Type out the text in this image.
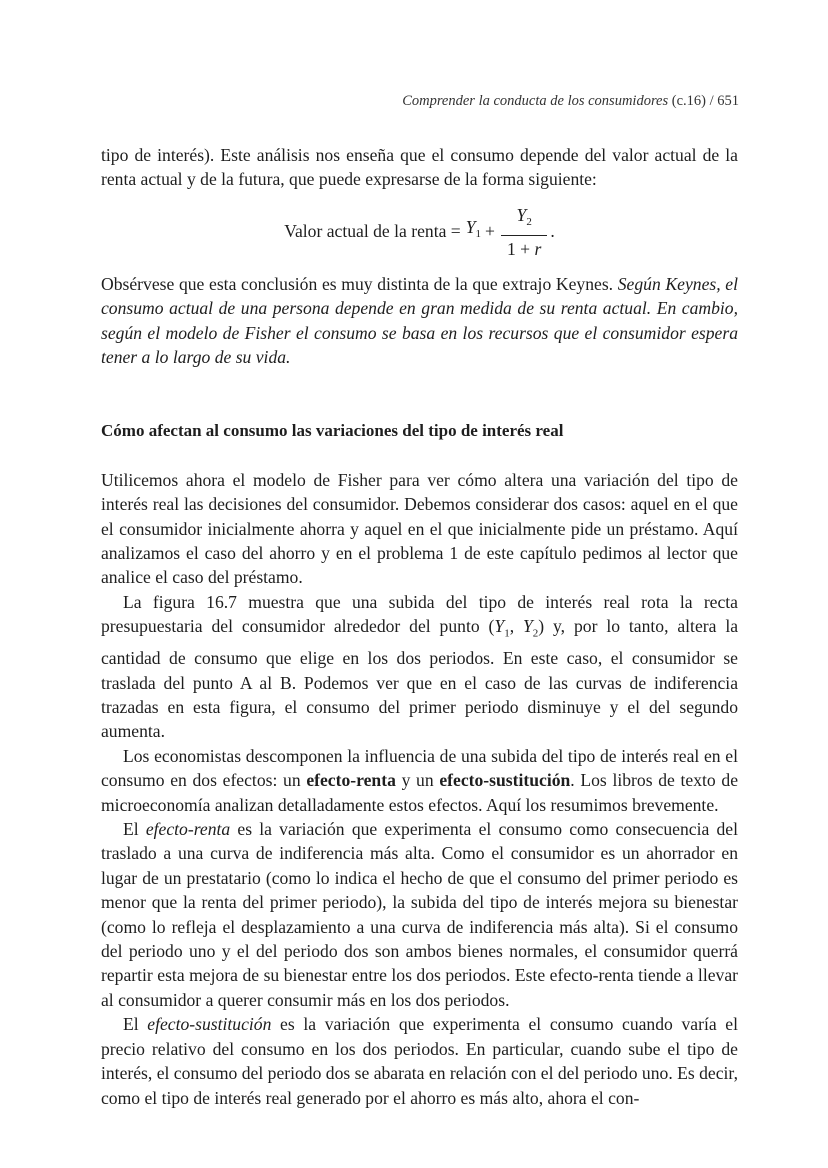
Comprender la conducta de los consumidores (c.16) / 651

tipo de interés). Este análisis nos enseña que el consumo depende del valor actual de la renta actual y de la futura, que puede expresarse de la forma siguiente:

Valor actual de la renta = $Y_1 + \frac{Y_2}{1 + r}$ .

Obsérvese que esta conclusión es muy distinta de la que extrajo Keynes. Según Keynes, el consumo actual de una persona depende en gran medida de su renta actual. En cambio, según el modelo de Fisher el consumo se basa en los recursos que el consumidor espera tener a lo largo de su vida.

Cómo afectan al consumo las variaciones del tipo de interés real

Utilicemos ahora el modelo de Fisher para ver cómo altera una variación del tipo de interés real las decisiones del consumidor. Debemos considerar dos casos: aquel en el que el consumidor inicialmente ahorra y aquel en el que inicialmente pide un préstamo. Aquí analizamos el caso del ahorro y en el problema 1 de este capítulo pedimos al lector que analice el caso del préstamo.

La figura 16.7 muestra que una subida del tipo de interés real rota la recta presupuestaria del consumidor alrededor del punto ($Y_1$, $Y_2$) y, por lo tanto, altera la cantidad de consumo que elige en los dos periodos. En este caso, el consumidor se traslada del punto A al B. Podemos ver que en el caso de las curvas de indiferencia trazadas en esta figura, el consumo del primer periodo disminuye y el del segundo aumenta.

Los economistas descomponen la influencia de una subida del tipo de interés real en el consumo en dos efectos: un efecto-renta y un efecto-sustitución. Los libros de texto de microeconomía analizan detalladamente estos efectos. Aquí los resumimos brevemente.

El efecto-renta es la variación que experimenta el consumo como consecuencia del traslado a una curva de indiferencia más alta. Como el consumidor es un ahorrador en lugar de un prestatario (como lo indica el hecho de que el consumo del primer periodo es menor que la renta del primer periodo), la subida del tipo de interés mejora su bienestar (como lo refleja el desplazamiento a una curva de indiferencia más alta). Si el consumo del periodo uno y el del periodo dos son ambos bienes normales, el consumidor querrá repartir esta mejora de su bienestar entre los dos periodos. Este efecto-renta tiende a llevar al consumidor a querer consumir más en los dos periodos.

El efecto-sustitución es la variación que experimenta el consumo cuando varía el precio relativo del consumo en los dos periodos. En particular, cuando sube el tipo de interés, el consumo del periodo dos se abarata en relación con el del periodo uno. Es decir, como el tipo de interés real generado por el ahorro es más alto, ahora el con-
